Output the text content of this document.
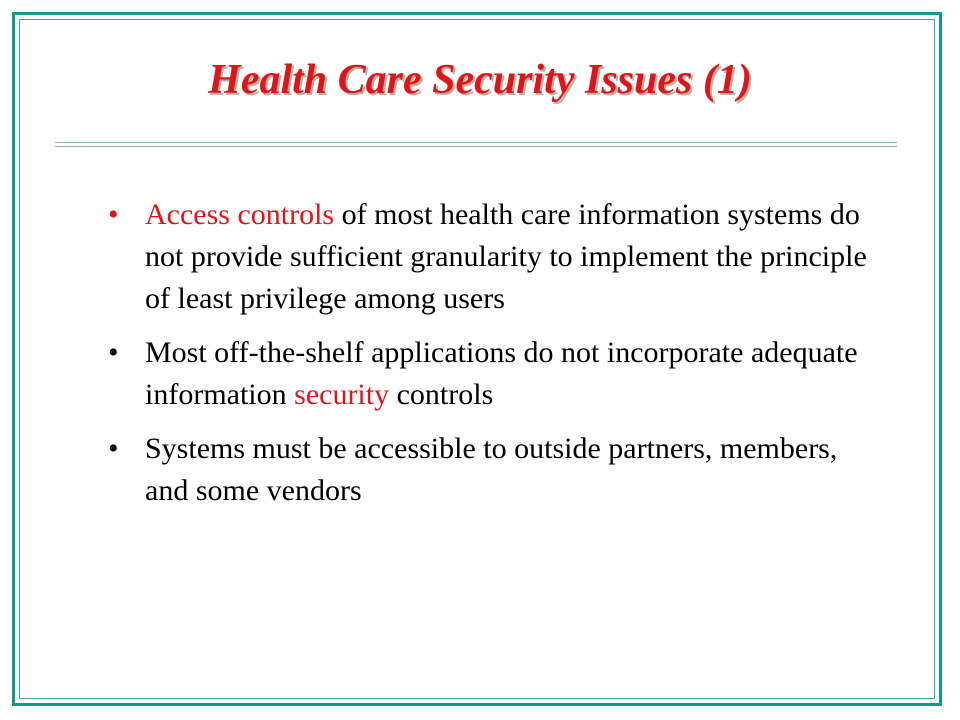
Health Care Security Issues (1)
• Access controls of most health care information systems do not provide sufficient granularity to implement the principle of least privilege among users
• Most off-the-shelf applications do not incorporate adequate information security controls
• Systems must be accessible to outside partners, members, and some vendors
